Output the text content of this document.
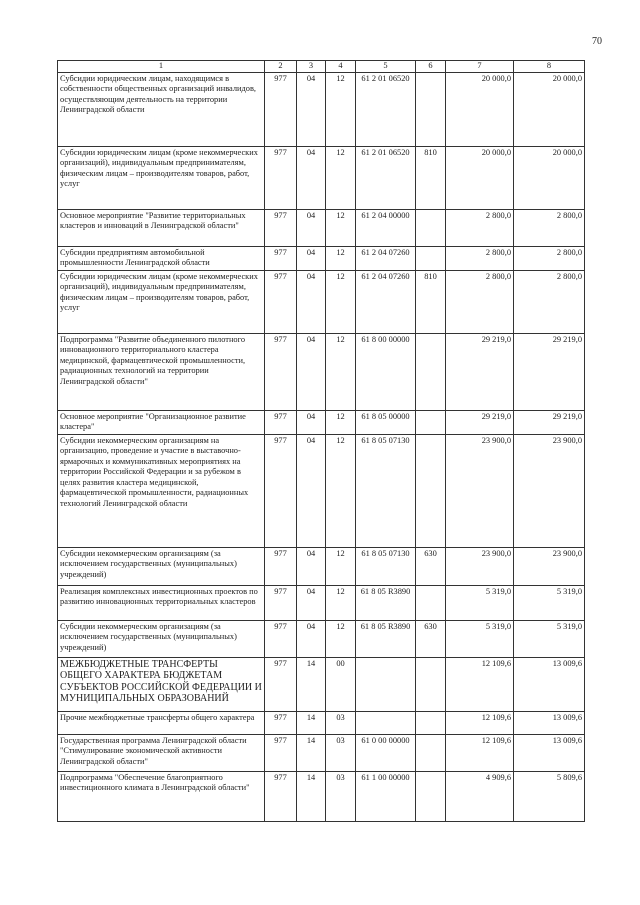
70
1	2	3	4	5	6	7	8
Субсидии юридическим лицам, находящимся в собственности общественных организаций инвалидов, осуществляющим деятельность на территории Ленинградской области	977	04	12	61 2 01 06520		20 000,0	20 000,0
Субсидии юридическим лицам (кроме некоммерческих организаций), индивидуальным предпринимателям, физическим лицам – производителям товаров, работ, услуг	977	04	12	61 2 01 06520	810	20 000,0	20 000,0
Основное мероприятие "Развитие территориальных кластеров и инноваций в Ленинградской области"	977	04	12	61 2 04 00000		2 800,0	2 800,0
Субсидии предприятиям автомобильной промышленности Ленинградской области	977	04	12	61 2 04 07260		2 800,0	2 800,0
Субсидии юридическим лицам (кроме некоммерческих организаций), индивидуальным предпринимателям, физическим лицам – производителям товаров, работ, услуг	977	04	12	61 2 04 07260	810	2 800,0	2 800,0
Подпрограмма "Развитие объединенного пилотного инновационного территориального кластера медицинской, фармацевтической промышленности, радиационных технологий на территории Ленинградской области"	977	04	12	61 8 00 00000		29 219,0	29 219,0
Основное мероприятие "Организационное развитие кластера"	977	04	12	61 8 05 00000		29 219,0	29 219,0
Субсидии некоммерческим организациям на организацию, проведение и участие в выставочно-ярмарочных и коммуникативных мероприятиях на территории Российской Федерации и за рубежом в целях развития кластера медицинской, фармацевтической промышленности, радиационных технологий Ленинградской области	977	04	12	61 8 05 07130		23 900,0	23 900,0
Субсидии некоммерческим организациям (за исключением государственных (муниципальных) учреждений)	977	04	12	61 8 05 07130	630	23 900,0	23 900,0
Реализация комплексных инвестиционных проектов по развитию инновационных территориальных кластеров	977	04	12	61 8 05 R3890		5 319,0	5 319,0
Субсидии некоммерческим организациям (за исключением государственных (муниципальных) учреждений)	977	04	12	61 8 05 R3890	630	5 319,0	5 319,0
МЕЖБЮДЖЕТНЫЕ ТРАНСФЕРТЫ ОБЩЕГО ХАРАКТЕРА БЮДЖЕТАМ СУБЪЕКТОВ РОССИЙСКОЙ ФЕДЕРАЦИИ И МУНИЦИПАЛЬНЫХ ОБРАЗОВАНИЙ	977	14	00			12 109,6	13 009,6
Прочие межбюджетные трансферты общего характера	977	14	03			12 109,6	13 009,6
Государственная программа Ленинградской области "Стимулирование экономической активности Ленинградской области"	977	14	03	61 0 00 00000		12 109,6	13 009,6
Подпрограмма "Обеспечение благоприятного инвестиционного климата в Ленинградской области"	977	14	03	61 1 00 00000		4 909,6	5 809,6
